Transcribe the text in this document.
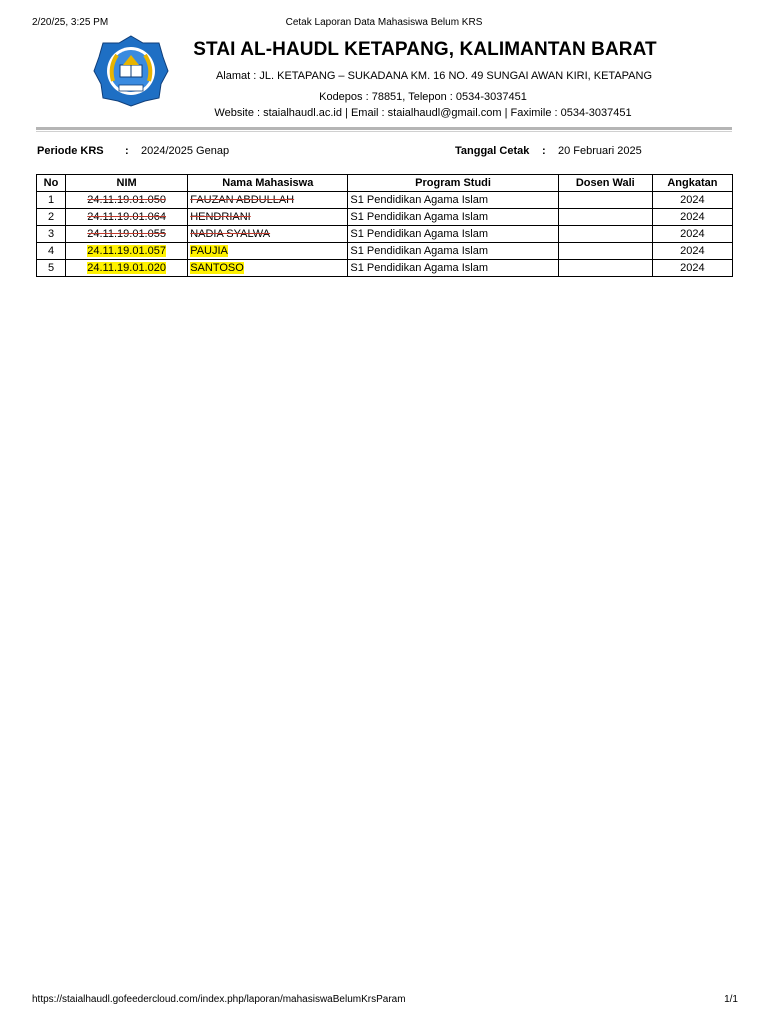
2/20/25, 3:25 PM	Cetak Laporan Data Mahasiswa Belum KRS
STAI AL-HAUDL KETAPANG, KALIMANTAN BARAT
Alamat : JL. KETAPANG – SUKADANA KM. 16 NO. 49 SUNGAI AWAN KIRI, KETAPANG
Kodepos : 78851, Telepon : 0534-3037451
Website : staialhaudl.ac.id | Email : staialhaudl@gmail.com | Faximile : 0534-3037451
Periode KRS : 2024/2025 Genap	Tanggal Cetak : 20 Februari 2025
No	NIM	Nama Mahasiswa	Program Studi	Dosen Wali	Angkatan
1	24.11.19.01.050	FAUZAN ABDULLAH	S1 Pendidikan Agama Islam		2024
2	24.11.19.01.064	HENDRIANI	S1 Pendidikan Agama Islam		2024
3	24.11.19.01.055	NADIA SYALWA	S1 Pendidikan Agama Islam		2024
4	24.11.19.01.057	PAUJIA	S1 Pendidikan Agama Islam		2024
5	24.11.19.01.020	SANTOSO	S1 Pendidikan Agama Islam		2024
https://staialhaudl.gofeedercloud.com/index.php/laporan/mahasiswaBelumKrsParam	1/1
